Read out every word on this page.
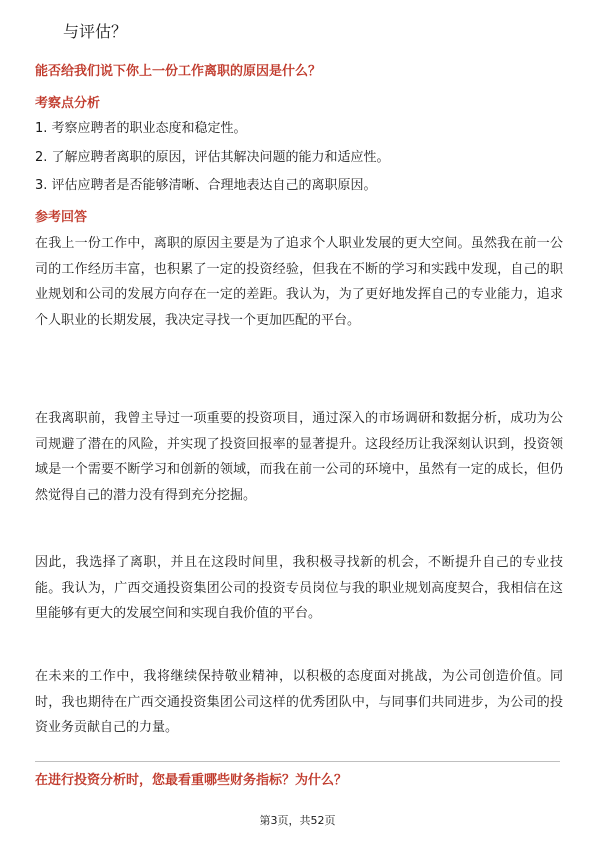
与评估？
能否给我们说下你上一份工作离职的原因是什么？
考察点分析
1. 考察应聘者的职业态度和稳定性。
2. 了解应聘者离职的原因，评估其解决问题的能力和适应性。
3. 评估应聘者是否能够清晰、合理地表达自己的离职原因。
参考回答
在我上一份工作中，离职的原因主要是为了追求个人职业发展的更大空间。虽然我在前一公司的工作经历丰富，也积累了一定的投资经验，但我在不断的学习和实践中发现，自己的职业规划和公司的发展方向存在一定的差距。我认为，为了更好地发挥自己的专业能力，追求个人职业的长期发展，我决定寻找一个更加匹配的平台。
在我离职前，我曾主导过一项重要的投资项目，通过深入的市场调研和数据分析，成功为公司规避了潜在的风险，并实现了投资回报率的显著提升。这段经历让我深刻认识到，投资领域是一个需要不断学习和创新的领域，而我在前一公司的环境中，虽然有一定的成长，但仍然觉得自己的潜力没有得到充分挖掘。
因此，我选择了离职，并且在这段时间里，我积极寻找新的机会，不断提升自己的专业技能。我认为，广西交通投资集团公司的投资专员岗位与我的职业规划高度契合，我相信在这里能够有更大的发展空间和实现自我价值的平台。
在未来的工作中，我将继续保持敬业精神，以积极的态度面对挑战，为公司创造价值。同时，我也期待在广西交通投资集团公司这样的优秀团队中，与同事们共同进步，为公司的投资业务贡献自己的力量。
在进行投资分析时，您最看重哪些财务指标？为什么？
第3页，共52页
